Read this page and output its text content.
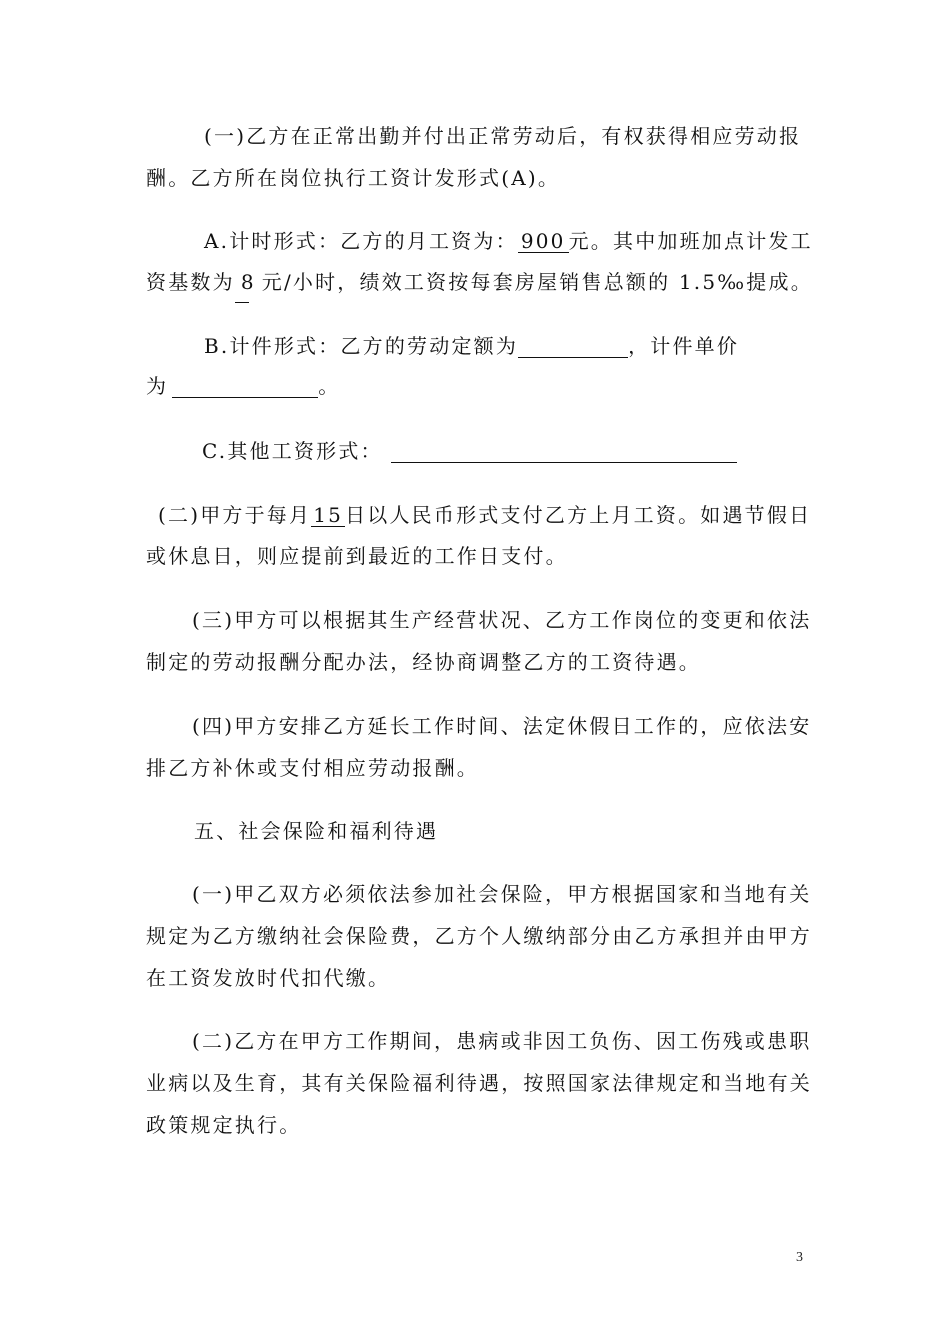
(一)乙方在正常出勤并付出正常劳动后，有权获得相应劳动报
酬。乙方所在岗位执行工资计发形式(A)。
A.计时形式：乙方的月工资为： 900 元。其中加班加点计发工
资基数为 8 元/小时，绩效工资按每套房屋销售总额的 1.5‰提成。
B.计件形式：乙方的劳动定额为	，计件单价
为	。
C.其他工资形式：
(二)甲方于每月 15 日以人民币形式支付乙方上月工资。如遇节假日
或休息日，则应提前到最近的工作日支付。
(三)甲方可以根据其生产经营状况、乙方工作岗位的变更和依法
制定的劳动报酬分配办法，经协商调整乙方的工资待遇。
(四)甲方安排乙方延长工作时间、法定休假日工作的，应依法安
排乙方补休或支付相应劳动报酬。
五、社会保险和福利待遇
(一)甲乙双方必须依法参加社会保险，甲方根据国家和当地有关
规定为乙方缴纳社会保险费，乙方个人缴纳部分由乙方承担并由甲方
在工资发放时代扣代缴。
(二)乙方在甲方工作期间，患病或非因工负伤、因工伤残或患职
业病以及生育，其有关保险福利待遇，按照国家法律规定和当地有关
政策规定执行。
3
